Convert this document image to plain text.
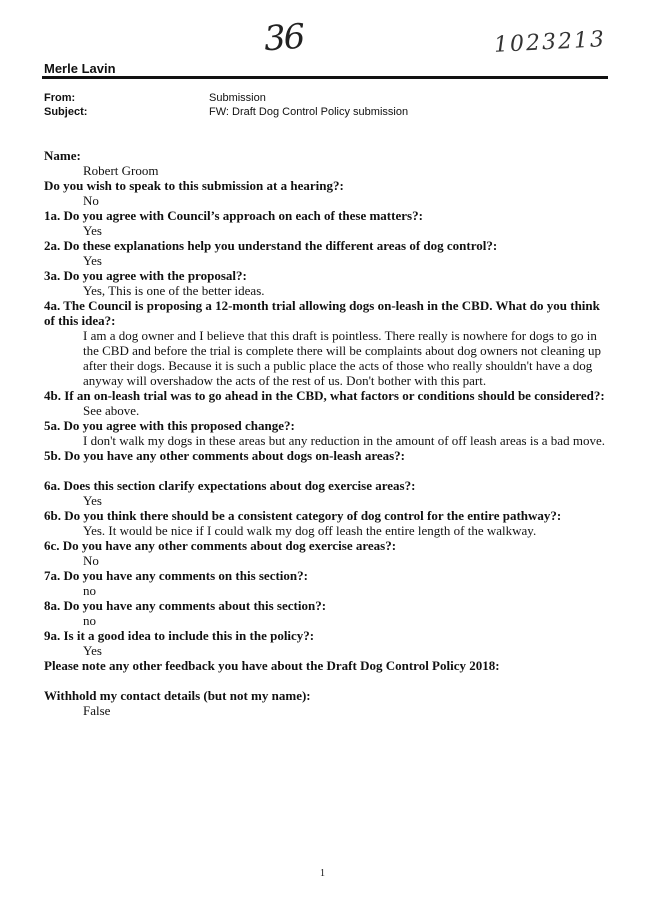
36	1023213
Merle Lavin
From:	Submission
Subject:	FW: Draft Dog Control Policy submission
Name:
Robert Groom
Do you wish to speak to this submission at a hearing?:
No
1a. Do you agree with Council’s approach on each of these matters?:
Yes
2a. Do these explanations help you understand the different areas of dog control?:
Yes
3a. Do you agree with the proposal?:
Yes, This is one of the better ideas.
4a. The Council is proposing a 12-month trial allowing dogs on-leash in the CBD. What do you think of this idea?:
I am a dog owner and I believe that this draft is pointless. There really is nowhere for dogs to go in the CBD and before the trial is complete there will be complaints about dog owners not cleaning up after their dogs. Because it is such a public place the acts of those who really shouldn't have a dog anyway will overshadow the acts of the rest of us. Don't bother with this part.
4b. If an on-leash trial was to go ahead in the CBD, what factors or conditions should be considered?:
See above.
5a. Do you agree with this proposed change?:
I don't walk my dogs in these areas but any reduction in the amount of off leash areas is a bad move.
5b. Do you have any other comments about dogs on-leash areas?:
6a. Does this section clarify expectations about dog exercise areas?:
Yes
6b. Do you think there should be a consistent category of dog control for the entire pathway?:
Yes. It would be nice if I could walk my dog off leash the entire length of the walkway.
6c. Do you have any other comments about dog exercise areas?:
No
7a. Do you have any comments on this section?:
no
8a. Do you have any comments about this section?:
no
9a. Is it a good idea to include this in the policy?:
Yes
Please note any other feedback you have about the Draft Dog Control Policy 2018:
Withhold my contact details (but not my name):
False
1
